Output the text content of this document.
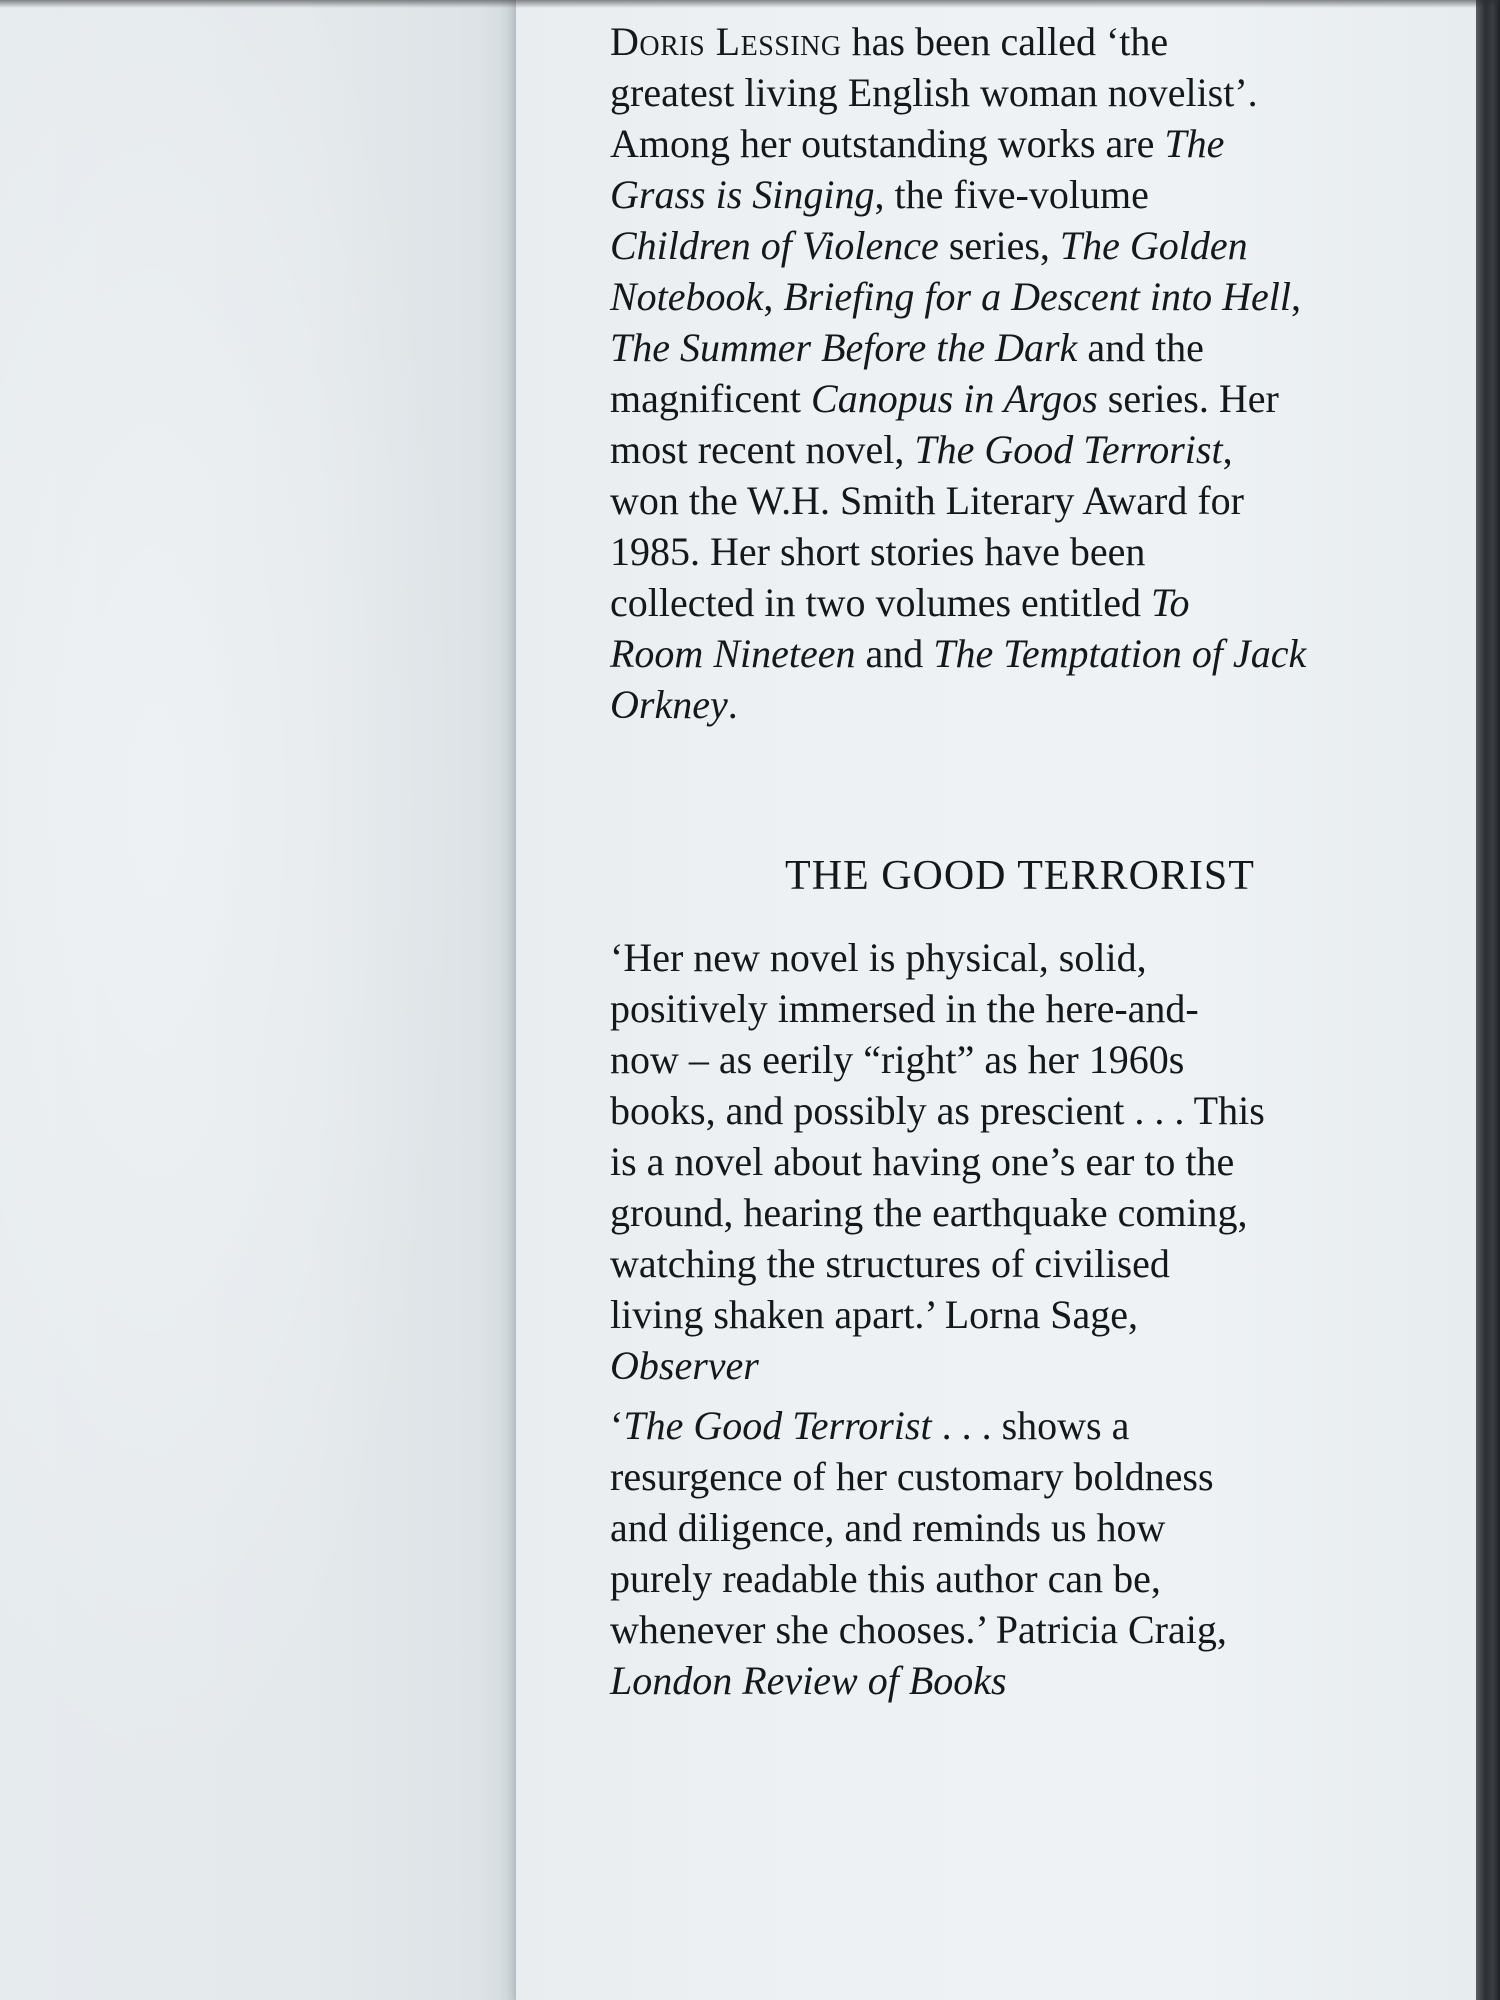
Doris Lessing has been called ‘the
greatest living English woman novelist’.
Among her outstanding works are The
Grass is Singing, the five-volume
Children of Violence series, The Golden
Notebook, Briefing for a Descent into Hell,
The Summer Before the Dark and the
magnificent Canopus in Argos series. Her
most recent novel, The Good Terrorist,
won the W.H. Smith Literary Award for
1985. Her short stories have been
collected in two volumes entitled To
Room Nineteen and The Temptation of Jack
Orkney.
THE GOOD TERRORIST
‘Her new novel is physical, solid,
positively immersed in the here-and-
now – as eerily “right” as her 1960s
books, and possibly as prescient . . . This
is a novel about having one’s ear to the
ground, hearing the earthquake coming,
watching the structures of civilised
living shaken apart.’ Lorna Sage,
Observer
‘The Good Terrorist . . . shows a
resurgence of her customary boldness
and diligence, and reminds us how
purely readable this author can be,
whenever she chooses.’ Patricia Craig,
London Review of Books
